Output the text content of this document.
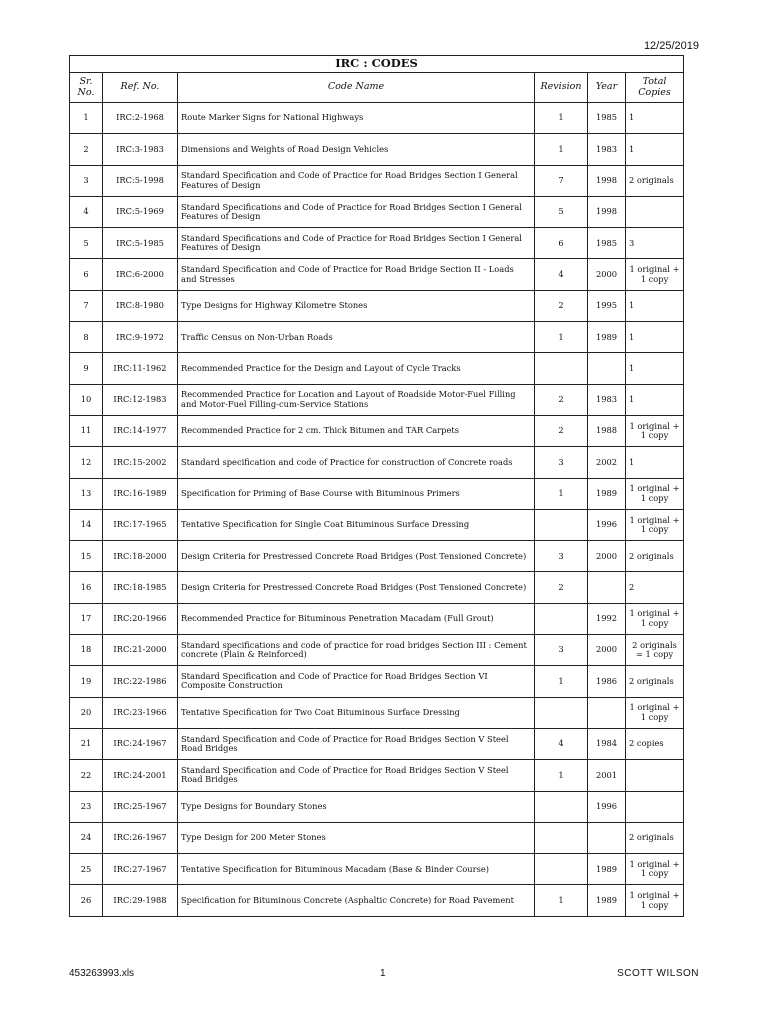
12/25/2019
IRC : CODES					
Sr. No.	Ref. No.	Code Name	Revision	Year	Total Copies
1	IRC:2-1968	Route Marker Signs for National Highways	1	1985	1
2	IRC:3-1983	Dimensions and Weights of Road Design Vehicles	1	1983	1
3	IRC:5-1998	Standard Specification and Code of Practice for Road Bridges Section I General Features of Design	7	1998	2 originals
4	IRC:5-1969	Standard Specifications and Code of Practice for Road Bridges Section I General Features of Design	5	1998	
5	IRC:5-1985	Standard Specifications and Code of Practice for Road Bridges Section I General Features of Design	6	1985	3
6	IRC:6-2000	Standard Specification and Code of Practice for Road Bridge Section II - Loads and Stresses	4	2000	1 original + 1 copy
7	IRC:8-1980	Type Designs for Highway Kilometre Stones	2	1995	1
8	IRC:9-1972	Traffic Census on Non-Urban Roads	1	1989	1
9	IRC:11-1962	Recommended Practice for the Design and Layout of Cycle Tracks			1
10	IRC:12-1983	Recommended Practice for Location and Layout of Roadside Motor-Fuel Filling and Motor-Fuel Filling-cum-Service Stations	2	1983	1
11	IRC:14-1977	Recommended Practice for 2 cm. Thick Bitumen and TAR Carpets	2	1988	1 original + 1 copy
12	IRC:15-2002	Standard specification and code of Practice for construction of Concrete roads	3	2002	1
13	IRC:16-1989	Specification for Priming of Base Course with Bituminous Primers	1	1989	1 original + 1 copy
14	IRC:17-1965	Tentative Specification for Single Coat Bituminous Surface Dressing		1996	1 original + 1 copy
15	IRC:18-2000	Design Criteria for Prestressed Concrete Road Bridges (Post Tensioned Concrete)	3	2000	2 originals
16	IRC:18-1985	Design Criteria for Prestressed Concrete Road Bridges (Post Tensioned Concrete)	2		2
17	IRC:20-1966	Recommended Practice for Bituminous Penetration Macadam (Full Grout)		1992	1 original + 1 copy
18	IRC:21-2000	Standard specifications and code of practice for road bridges Section III : Cement concrete (Plain & Reinforced)	3	2000	2 originals = 1 copy
19	IRC:22-1986	Standard Specification and Code of Practice for Road Bridges Section VI Composite Construction	1	1986	2 originals
20	IRC:23-1966	Tentative Specification for Two Coat Bituminous Surface Dressing			1 original + 1 copy
21	IRC:24-1967	Standard Specification and Code of Practice for Road Bridges Section V Steel Road Bridges	4	1984	2 copies
22	IRC:24-2001	Standard Specification and Code of Practice for Road Bridges Section V Steel Road Bridges	1	2001	
23	IRC:25-1967	Type Designs for Boundary Stones		1996	
24	IRC:26-1967	Type Design for 200 Meter Stones			2 originals
25	IRC:27-1967	Tentative Specification for Bituminous Macadam (Base & Binder Course)		1989	1 original + 1 copy
26	IRC:29-1988	Specification for Bituminous Concrete (Asphaltic Concrete) for Road Pavement	1	1989	1 original + 1 copy
453263993.xls	1	SCOTT WILSON
